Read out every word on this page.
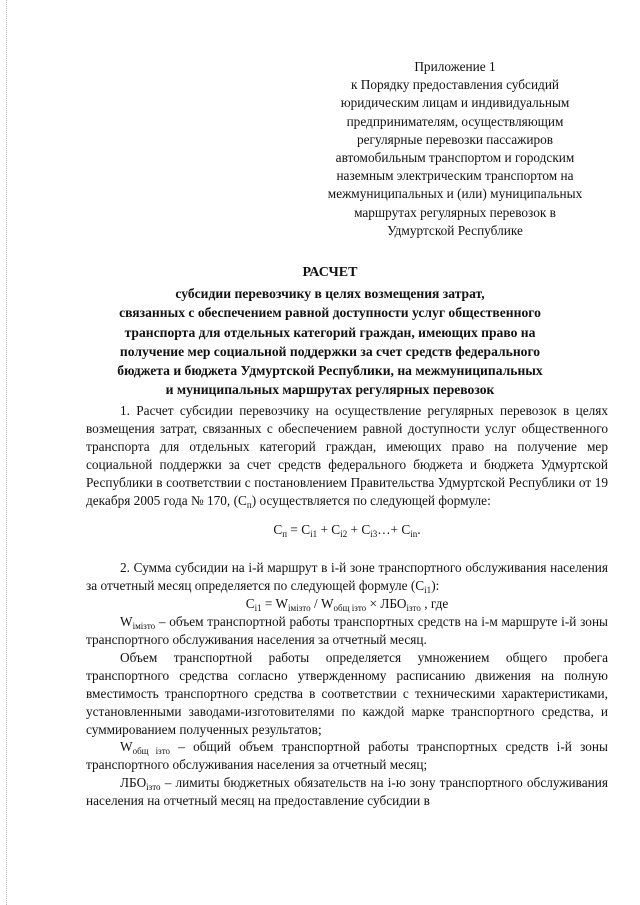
Приложение 1
к Порядку предоставления субсидий
юридическим лицам и индивидуальным
предпринимателям, осуществляющим
регулярные перевозки пассажиров
автомобильным транспортом и городским
наземным электрическим транспортом на
межмуниципальных и (или) муниципальных
маршрутах регулярных перевозок в
Удмуртской Республике
РАСЧЕТ
субсидии перевозчику в целях возмещения затрат,
связанных с обеспечением равной доступности услуг общественного
транспорта для отдельных категорий граждан, имеющих право на
получение мер социальной поддержки за счет средств федерального
бюджета и бюджета Удмуртской Республики, на межмуниципальных
и муниципальных маршрутах регулярных перевозок

1. Расчет субсидии перевозчику на осуществление регулярных перевозок в целях возмещения затрат, связанных с обеспечением равной доступности услуг общественного транспорта для отдельных категорий граждан, имеющих право на получение мер социальной поддержки за счет средств федерального бюджета и бюджета Удмуртской Республики в соответствии с постановлением Правительства Удмуртской Республики от 19 декабря 2005 года № 170, $(С_п)$ осуществляется по следующей формуле:

$С_п = С_{i1} + С_{i2}$ + $С_{i3}\dots+ С_{in}$.

2. Сумма субсидии на i-й маршрут в i-й зоне транспортного обслуживания населения за отчетный месяц определяется по следующей формуле $(С_{i1})$:

$С_{i1} = W_{iмiзто} / W_{общ iзто} \times ЛБО_{iзто}$ , где

$W_{iмiзто}$ – объем транспортной работы транспортных средств на i-м маршруте i-й зоны транспортного обслуживания населения за отчетный месяц.

Объем транспортной работы определяется умножением общего пробега транспортного средства согласно утвержденному расписанию движения на полную вместимость транспортного средства в соответствии с техническими характеристиками, установленными заводами-изготовителями по каждой марке транспортного средства, и суммированием полученных результатов;

$W_{общ iзто}$ – общий объем транспортной работы транспортных средств i-й зоны транспортного обслуживания населения за отчетный месяц;

$ЛБО_{iзто}$ – лимиты бюджетных обязательств на i-ю зону транспортного обслуживания населения на отчетный месяц на предоставление субсидии в
